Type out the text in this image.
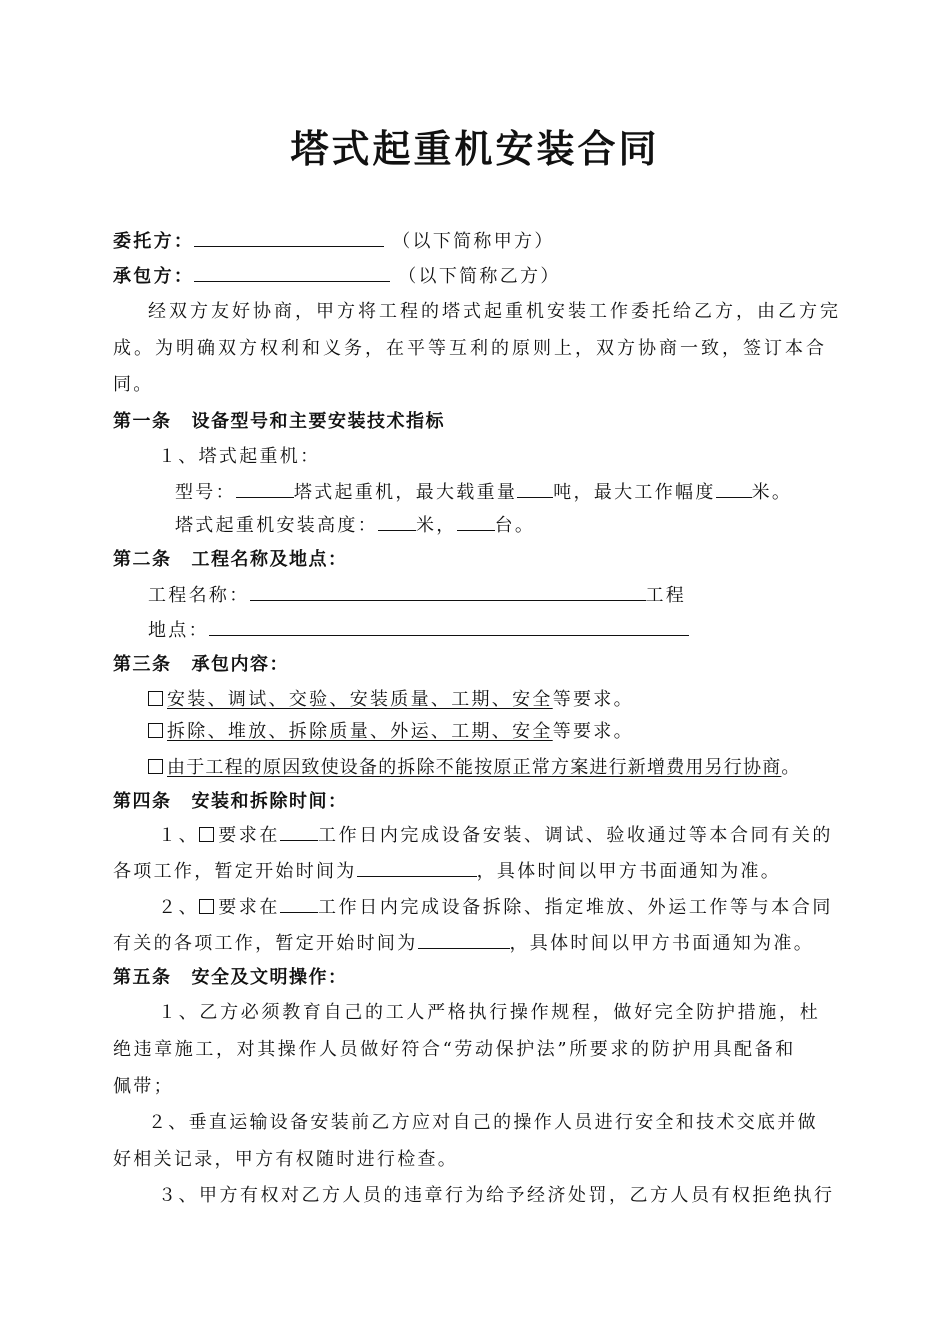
塔式起重机安装合同
委托方：	（以下简称甲方）
承包方：	（以下简称乙方）
经双方友好协商，甲方将工程的塔式起重机安装工作委托给乙方，由乙方完
成。为明确双方权利和义务，在平等互利的原则上，双方协商一致，签订本合
同。
第一条 设备型号和主要安装技术指标
１、塔式起重机：
型号：	塔式起重机，最大载重量 吨，最大工作幅度 米。
塔式起重机安装高度： 米， 台。
第二条 工程名称及地点：
工程名称：	工程
地点：
第三条 承包内容：
安装、调试、交验、安装质量、工期、安全等要求。
拆除、堆放、拆除质量、外运、工期、安全等要求。
由于工程的原因致使设备的拆除不能按原正常方案进行新增费用另行协商。
第四条 安装和拆除时间：
１、 要求在 工作日内完成设备安装、调试、验收通过等本合同有关的
各项工作，暂定开始时间为	，具体时间以甲方书面通知为准。
２、 要求在 工作日内完成设备拆除、指定堆放、外运工作等与本合同
有关的各项工作，暂定开始时间为	，具体时间以甲方书面通知为准。
第五条 安全及文明操作：
１、乙方必须教育自己的工人严格执行操作规程，做好完全防护措施，杜
绝违章施工，对其操作人员做好符合“劳动保护法”所要求的防护用具配备和
佩带；
２、垂直运输设备安装前乙方应对自己的操作人员进行安全和技术交底并做
好相关记录，甲方有权随时进行检查。
３、甲方有权对乙方人员的违章行为给予经济处罚，乙方人员有权拒绝执行
